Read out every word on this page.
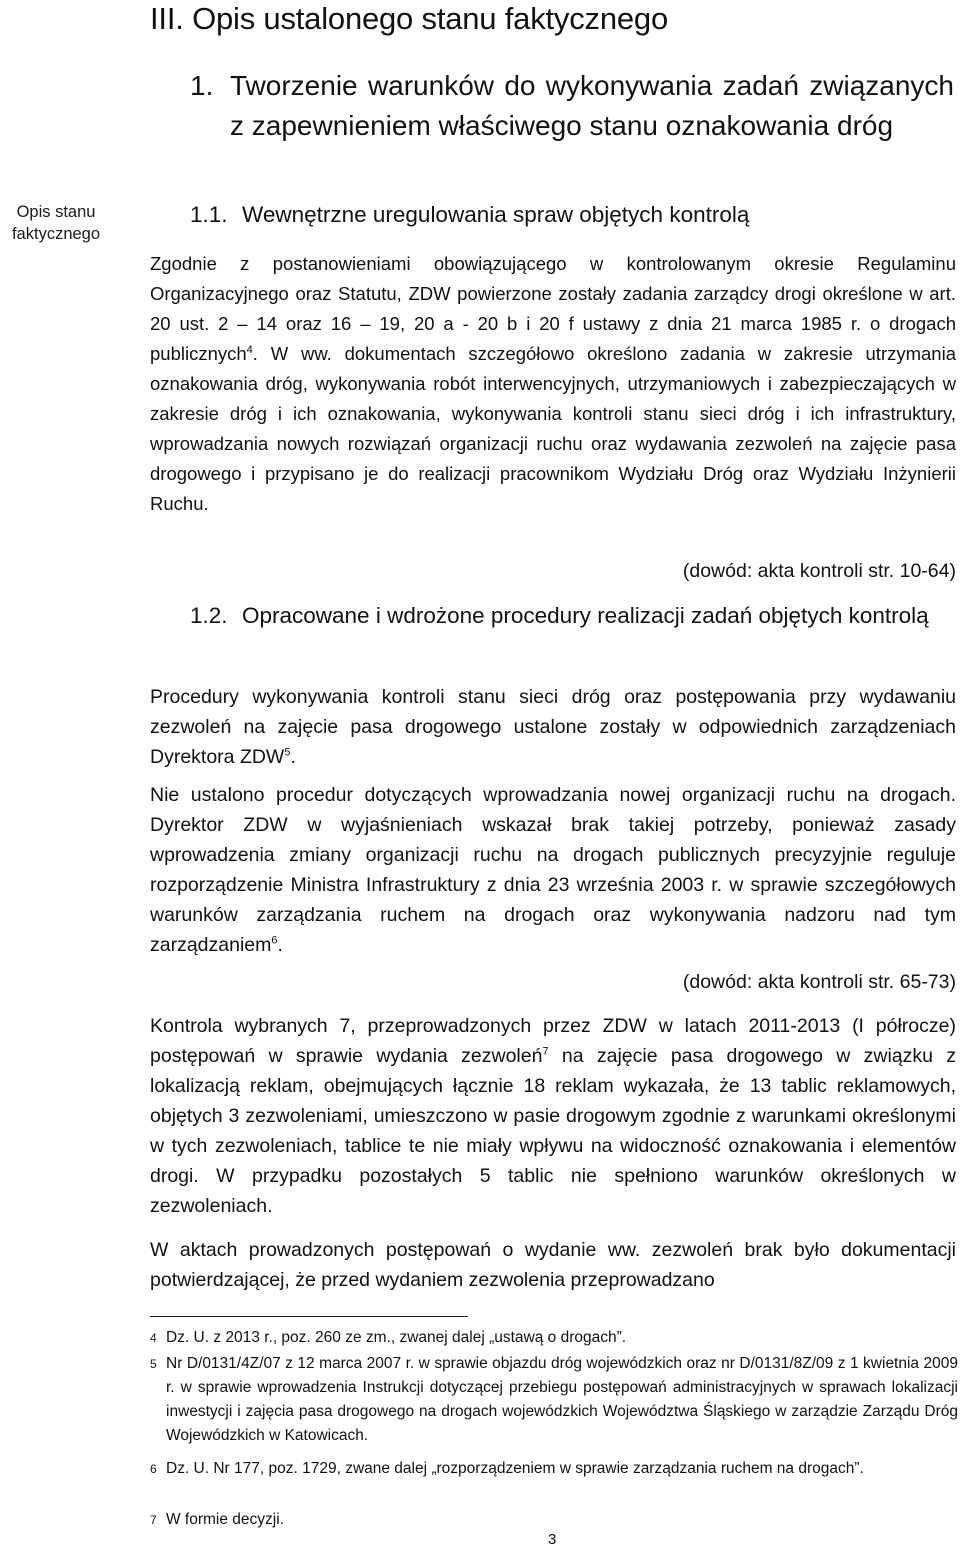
III. Opis ustalonego stanu faktycznego
1. Tworzenie warunków do wykonywania zadań związanych z zapewnieniem właściwego stanu oznakowania dróg
Opis stanu faktycznego
1.1. Wewnętrzne uregulowania spraw objętych kontrolą
Zgodnie z postanowieniami obowiązującego w kontrolowanym okresie Regulaminu Organizacyjnego oraz Statutu, ZDW powierzone zostały zadania zarządcy drogi określone w art. 20 ust. 2 – 14 oraz 16 – 19, 20 a - 20 b i 20 f ustawy z dnia 21 marca 1985 r. o drogach publicznych$^4$. W ww. dokumentach szczegółowo określono zadania w zakresie utrzymania oznakowania dróg, wykonywania robót interwencyjnych, utrzymaniowych i zabezpieczających w zakresie dróg i ich oznakowania, wykonywania kontroli stanu sieci dróg i ich infrastruktury, wprowadzania nowych rozwiązań organizacji ruchu oraz wydawania zezwoleń na zajęcie pasa drogowego i przypisano je do realizacji pracownikom Wydziału Dróg oraz Wydziału Inżynierii Ruchu.
(dowód: akta kontroli str. 10-64)
1.2. Opracowane i wdrożone procedury realizacji zadań objętych kontrolą
Procedury wykonywania kontroli stanu sieci dróg oraz postępowania przy wydawaniu zezwoleń na zajęcie pasa drogowego ustalone zostały w odpowiednich zarządzeniach Dyrektora ZDW$^5$.
Nie ustalono procedur dotyczących wprowadzania nowej organizacji ruchu na drogach. Dyrektor ZDW w wyjaśnieniach wskazał brak takiej potrzeby, ponieważ zasady wprowadzenia zmiany organizacji ruchu na drogach publicznych precyzyjnie reguluje rozporządzenie Ministra Infrastruktury z dnia 23 września 2003 r. w sprawie szczegółowych warunków zarządzania ruchem na drogach oraz wykonywania nadzoru nad tym zarządzaniem$^6$.
(dowód: akta kontroli str. 65-73)
Kontrola wybranych 7, przeprowadzonych przez ZDW w latach 2011-2013 (I półrocze) postępowań w sprawie wydania zezwoleń$^7$ na zajęcie pasa drogowego w związku z lokalizacją reklam, obejmujących łącznie 18 reklam wykazała, że 13 tablic reklamowych, objętych 3 zezwoleniami, umieszczono w pasie drogowym zgodnie z warunkami określonymi w tych zezwoleniach, tablice te nie miały wpływu na widoczność oznakowania i elementów drogi. W przypadku pozostałych 5 tablic nie spełniono warunków określonych w zezwoleniach.
W aktach prowadzonych postępowań o wydanie ww. zezwoleń brak było dokumentacji potwierdzającej, że przed wydaniem zezwolenia przeprowadzano
4 Dz. U. z 2013 r., poz. 260 ze zm., zwanej dalej „ustawą o drogach”.
5 Nr D/0131/4Z/07 z 12 marca 2007 r. w sprawie objazdu dróg wojewódzkich oraz nr D/0131/8Z/09 z 1 kwietnia 2009 r. w sprawie wprowadzenia Instrukcji dotyczącej przebiegu postępowań administracyjnych w sprawach lokalizacji inwestycji i zajęcia pasa drogowego na drogach wojewódzkich Województwa Śląskiego w zarządzie Zarządu Dróg Wojewódzkich w Katowicach.
6 Dz. U. Nr 177, poz. 1729, zwane dalej „rozporządzeniem w sprawie zarządzania ruchem na drogach”.
7 W formie decyzji.
3
